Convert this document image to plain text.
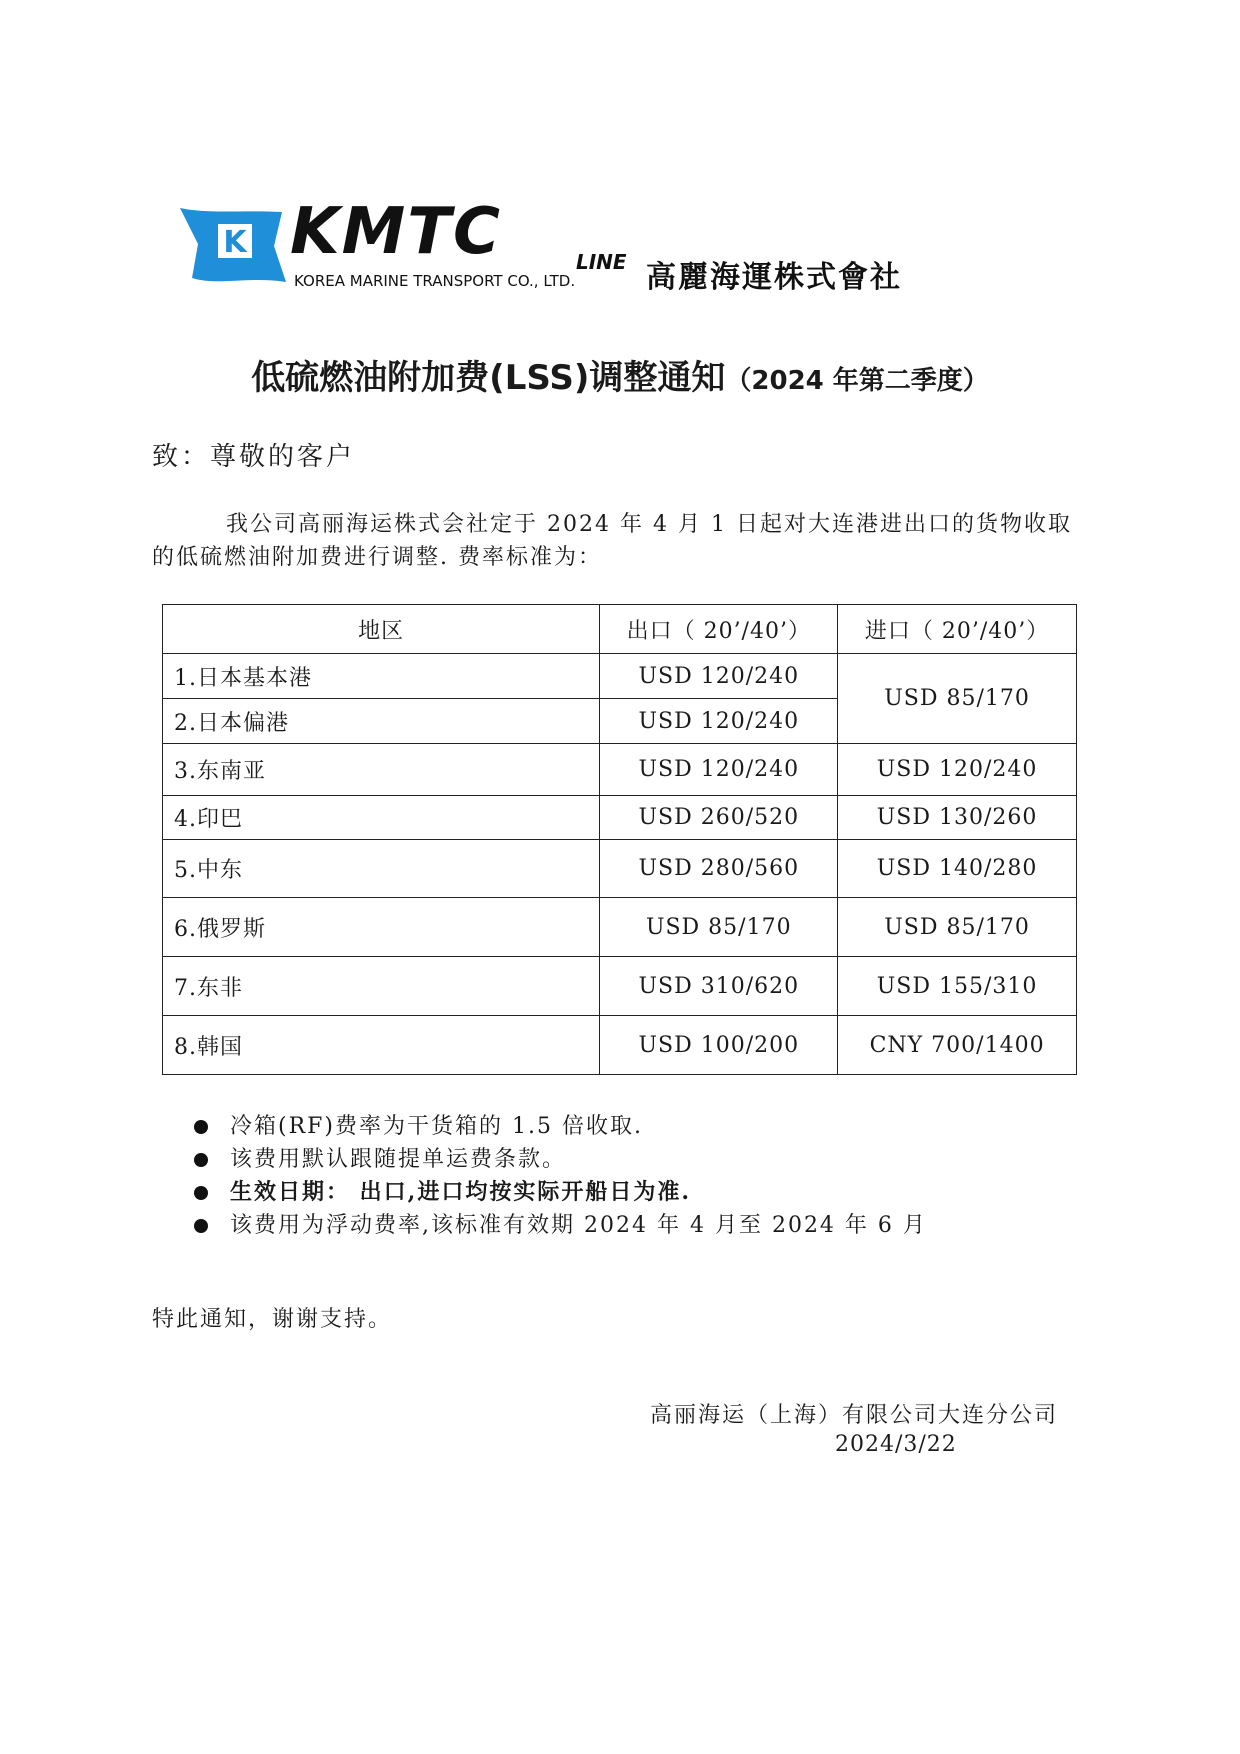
K KMTC	LINE
KOREA MARINE TRANSPORT CO., LTD. 高麗海運株式會社
低硫燃油附加费(LSS)调整通知（2024 年第二季度）
致：尊敬的客户
我公司高丽海运株式会社定于 2024 年 4 月 1 日起对大连港进出口的货物收取的低硫燃油附加费进行调整. 费率标准为：
地区	出口（ 20’/40’）	进口（ 20’/40’）
1.日本基本港	USD 120/240	USD 85/170
2.日本偏港	USD 120/240	
3.东南亚	USD 120/240	USD 120/240
4.印巴	USD 260/520	USD 130/260
5.中东	USD 280/560	USD 140/280
6.俄罗斯	USD 85/170	USD 85/170
7.东非	USD 310/620	USD 155/310
8.韩国	USD 100/200	CNY 700/1400
冷箱(RF)费率为干货箱的 1.5 倍收取.
该费用默认跟随提单运费条款。
生效日期： 出口,进口均按实际开船日为准.
该费用为浮动费率,该标准有效期 2024 年 4 月至 2024 年 6 月
特此通知，谢谢支持。
高丽海运（上海）有限公司大连分公司
2024/3/22
